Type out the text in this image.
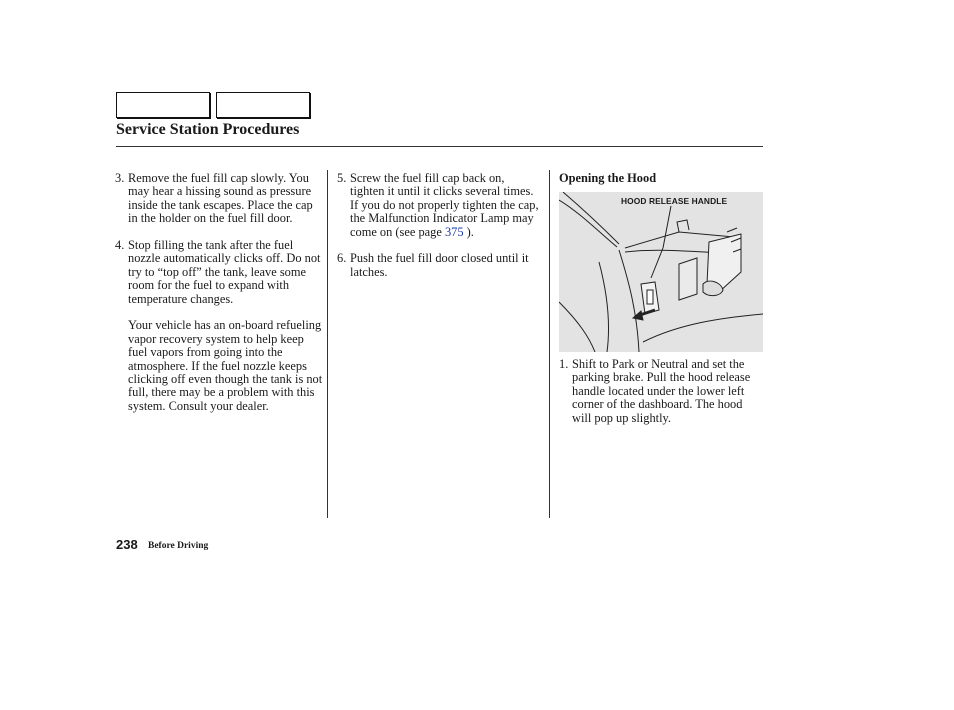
Service Station Procedures
3. Remove the fuel fill cap slowly. You may hear a hissing sound as pressure inside the tank escapes. Place the cap in the holder on the fuel fill door.
4. Stop filling the tank after the fuel nozzle automatically clicks off. Do not try to “top off” the tank, leave some room for the fuel to expand with temperature changes.
Your vehicle has an on-board refueling vapor recovery system to help keep fuel vapors from going into the atmosphere. If the fuel nozzle keeps clicking off even though the tank is not full, there may be a problem with this system. Consult your dealer.
5. Screw the fuel fill cap back on, tighten it until it clicks several times. If you do not properly tighten the cap, the Malfunction Indicator Lamp may come on (see page 375 ).
6. Push the fuel fill door closed until it latches.
Opening the Hood
HOOD RELEASE HANDLE
1. Shift to Park or Neutral and set the parking brake. Pull the hood release handle located under the lower left corner of the dashboard. The hood will pop up slightly.
238 Before Driving
